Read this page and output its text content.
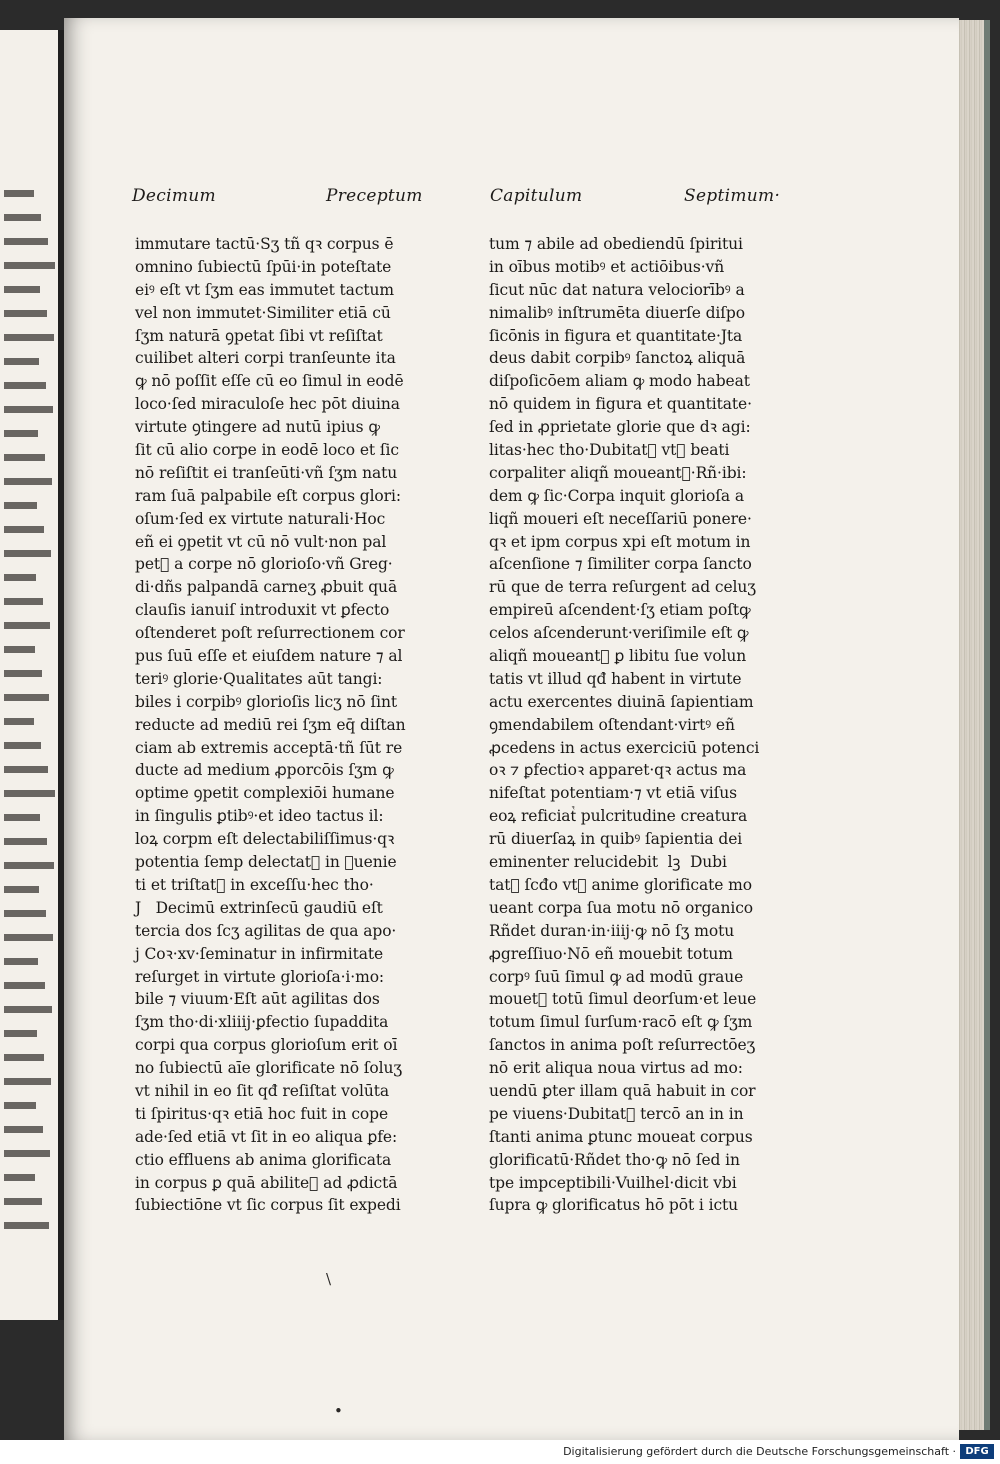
Decimum	Preceptum	Capitulum	Septimum·
immutare tactū·Sʒ tñ qꝛ corpus ē
omnino ſubiectū ſpūi·in poteſtate
eiꝰ eſt vt ſʒm eas immutet tactum
vel non immutet·Similiter etiā cū
ſʒm naturā ꝯpetat ſibi vt reſiſtat
cuilibet alteri corpi tranſeunte ita
ꝙ nō poſſit eſſe cū eo ſimul in eodē
loco·ſed miraculoſe hec pōt diuina
virtute ꝯtingere ad nutū ipius ꝙ
ſit cū alio corpe in eodē loco et ſic
nō reſiſtit ei tranſeūti·vñ ſʒm natu
ram ſuā palpabile eſt corpus glori:
oſum·ſed ex virtute naturali·Hoc
eñ ei ꝯpetit vt cū nō vult·non pal
petᷣ a corpe nō glorioſo·vñ Greg·
di·dñs palpandā carneʒ ꝓbuit quā
clauſis ianuiſ introduxit vt ꝑfecto
oſtenderet poſt reſurrectionem cor
pus ſuū eſſe et eiuſdem nature ⁊ al
teriꝰ glorie·Qualitates aūt tangi:
biles i corpibꝰ glorioſis licʒ nō ſint
reducte ad mediū rei ſʒm eq̄ diſtan
ciam ab extremis acceptā·tñ ſūt re
ducte ad medium ꝓporcōis ſʒm ꝙ
optime ꝯpetit complexiōi humane
in ſingulis ꝑtibꝰ·et ideo tactus il:
loꝝ corpm eſt delectabiliſſimus·qꝛ
potentia ſemp delectatᷣ in ꝯuenie
ti et triſtatᷣ in exceſſu·hec tho·
J   Decimū extrinſecū gaudiū eſt
tercia dos ſcʒ agilitas de qua apo·
j Coꝛ·xv·ſeminatur in infirmitate
reſurget in virtute glorioſa·i·mo:
bile ⁊ viuum·Eſt aūt agilitas dos
ſʒm tho·di·xliiij·ꝑfectio ſupaddita
corpi qua corpus glorioſum erit oī
no ſubiectū aīe glorificate nō ſoluʒ
vt nihil in eo ſit qđ reſiſtat volūta
ti ſpiritus·qꝛ etiā hoc fuit in cope
ade·ſed etiā vt ſit in eo aliqua ꝑfe:
ctio effluens ab anima glorificata
in corpus ꝑ quā abiliteᷣ ad ꝓdictā
ſubiectiōne vt ſic corpus ſit expedi
tum ⁊ abile ad obediendū ſpiritui
in oībus motibꝰ et actiōibus·vñ
ſicut nūc dat natura velociorībꝰ a
nimalibꝰ inſtrumēta diuerſe diſpo
ſicōnis in figura et quantitate·Jta
deus dabit corpibꝰ ſanctoꝝ aliquā
diſpoſicōem aliam ꝙ modo habeat
nō quidem in figura et quantitate·
ſed in ꝓprietate glorie que dꝛ agi:
litas·hec tho·Dubitatᷣ vtꝝ beati
corpaliter aliqñ moueantᷣ·Rñ·ibi:
dem ꝙ ſic·Corpa inquit glorioſa a
liqñ moueri eſt neceſſariū ponere·
qꝛ et ipm corpus xpi eſt motum in
aſcenſione ⁊ ſimiliter corpa ſancto
rū que de terra reſurgent ad celuʒ
empireū aſcendent·ſʒ etiam poſtꝙ
celos aſcenderunt·veriſimile eſt ꝙ
aliqñ moueantᷣ ꝑ libitu ſue volun
tatis vt illud qđ habent in virtute
actu exercentes diuinā ſapientiam
ꝯmendabilem oſtendant·virtꝰ eñ
ꝓcedens in actus exerciciū potenci
oꝛ ⁊ ꝑfectioꝛ apparet·qꝛ actus ma
nifeſtat potentiam·⁊ vt etiā viſus
eoꝝ reficiatᷣ pulcritudine creatura
rū diuerſaꝝ in quibꝰ ſapientia dei
eminenter relucidebit  lꝫ  Dubi
tatᷣ ſcđo vtꝝ anime glorificate mo
ueant corpa ſua motu nō organico
Rñdet duran·in·iiij·ꝙ nō ſʒ motu
ꝓgreſſiuo·Nō eñ mouebit totum
corpꝰ ſuū ſimul ꝙ ad modū graue
mouetᷣ totū ſimul deorſum·et leue
totum ſimul ſurſum·racō eſt ꝙ ſʒm
ſanctos in anima poſt reſurrectōeʒ
nō erit aliqua noua virtus ad mo:
uendū ꝑter illam quā habuit in cor
pe viuens·Dubitatᷣ tercō an in in
ſtanti anima ꝑtunc moueat corpus
glorificatū·Rñdet tho·ꝙ nō ſed in
tpe impceptibili·Vuilhel·dicit vbi
ſupra ꝙ glorificatus hō pōt i ictu
\
•
Digitalisierung gefördert durch die Deutsche Forschungsgemeinschaft · DFG
